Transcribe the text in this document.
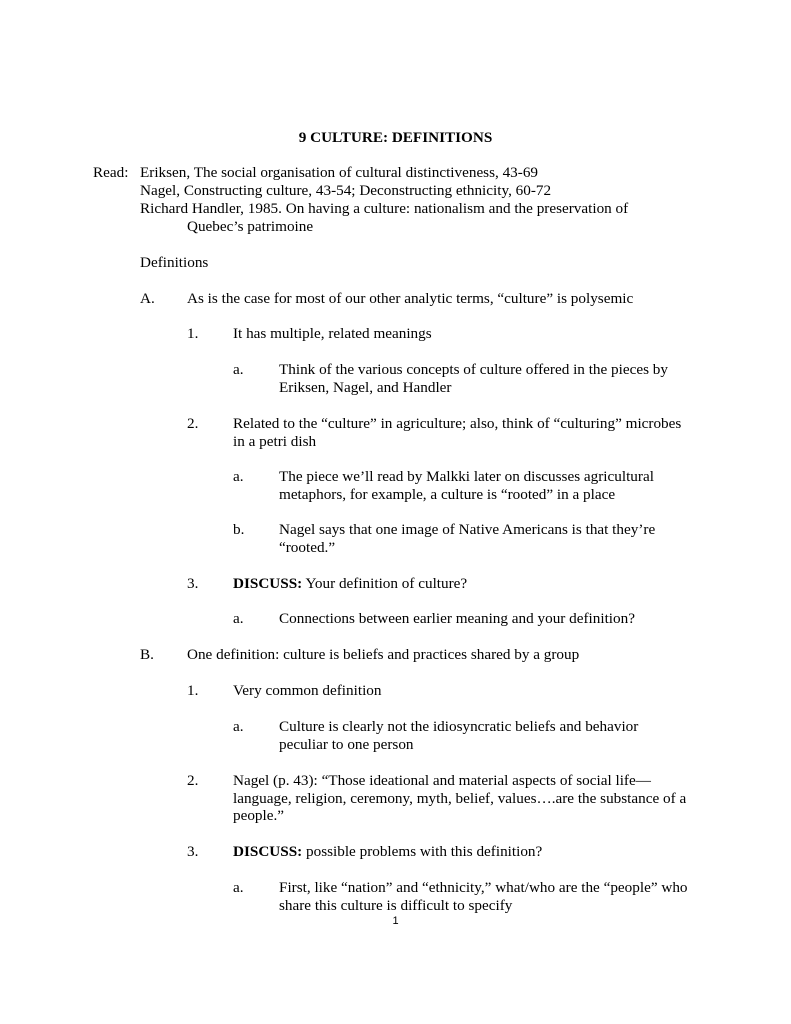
9 CULTURE: DEFINITIONS
Read: Eriksen, The social organisation of cultural distinctiveness, 43-69
Nagel, Constructing culture, 43-54; Deconstructing ethnicity, 60-72
Richard Handler, 1985. On having a culture: nationalism and the preservation of
Quebec’s patrimoine
Definitions
A. As is the case for most of our other analytic terms, “culture” is polysemic
1. It has multiple, related meanings
a. Think of the various concepts of culture offered in the pieces by
Eriksen, Nagel, and Handler
2. Related to the “culture” in agriculture; also, think of “culturing” microbes
in a petri dish
a. The piece we’ll read by Malkki later on discusses agricultural
metaphors, for example, a culture is “rooted” in a place
b. Nagel says that one image of Native Americans is that they’re
“rooted.”
3. DISCUSS: Your definition of culture?
a. Connections between earlier meaning and your definition?
B. One definition: culture is beliefs and practices shared by a group
1. Very common definition
a. Culture is clearly not the idiosyncratic beliefs and behavior
peculiar to one person
2. Nagel (p. 43): “Those ideational and material aspects of social life—
language, religion, ceremony, myth, belief, values….are the substance of a
people.”
3. DISCUSS: possible problems with this definition?
a. First, like “nation” and “ethnicity,” what/who are the “people” who
share this culture is difficult to specify
1
